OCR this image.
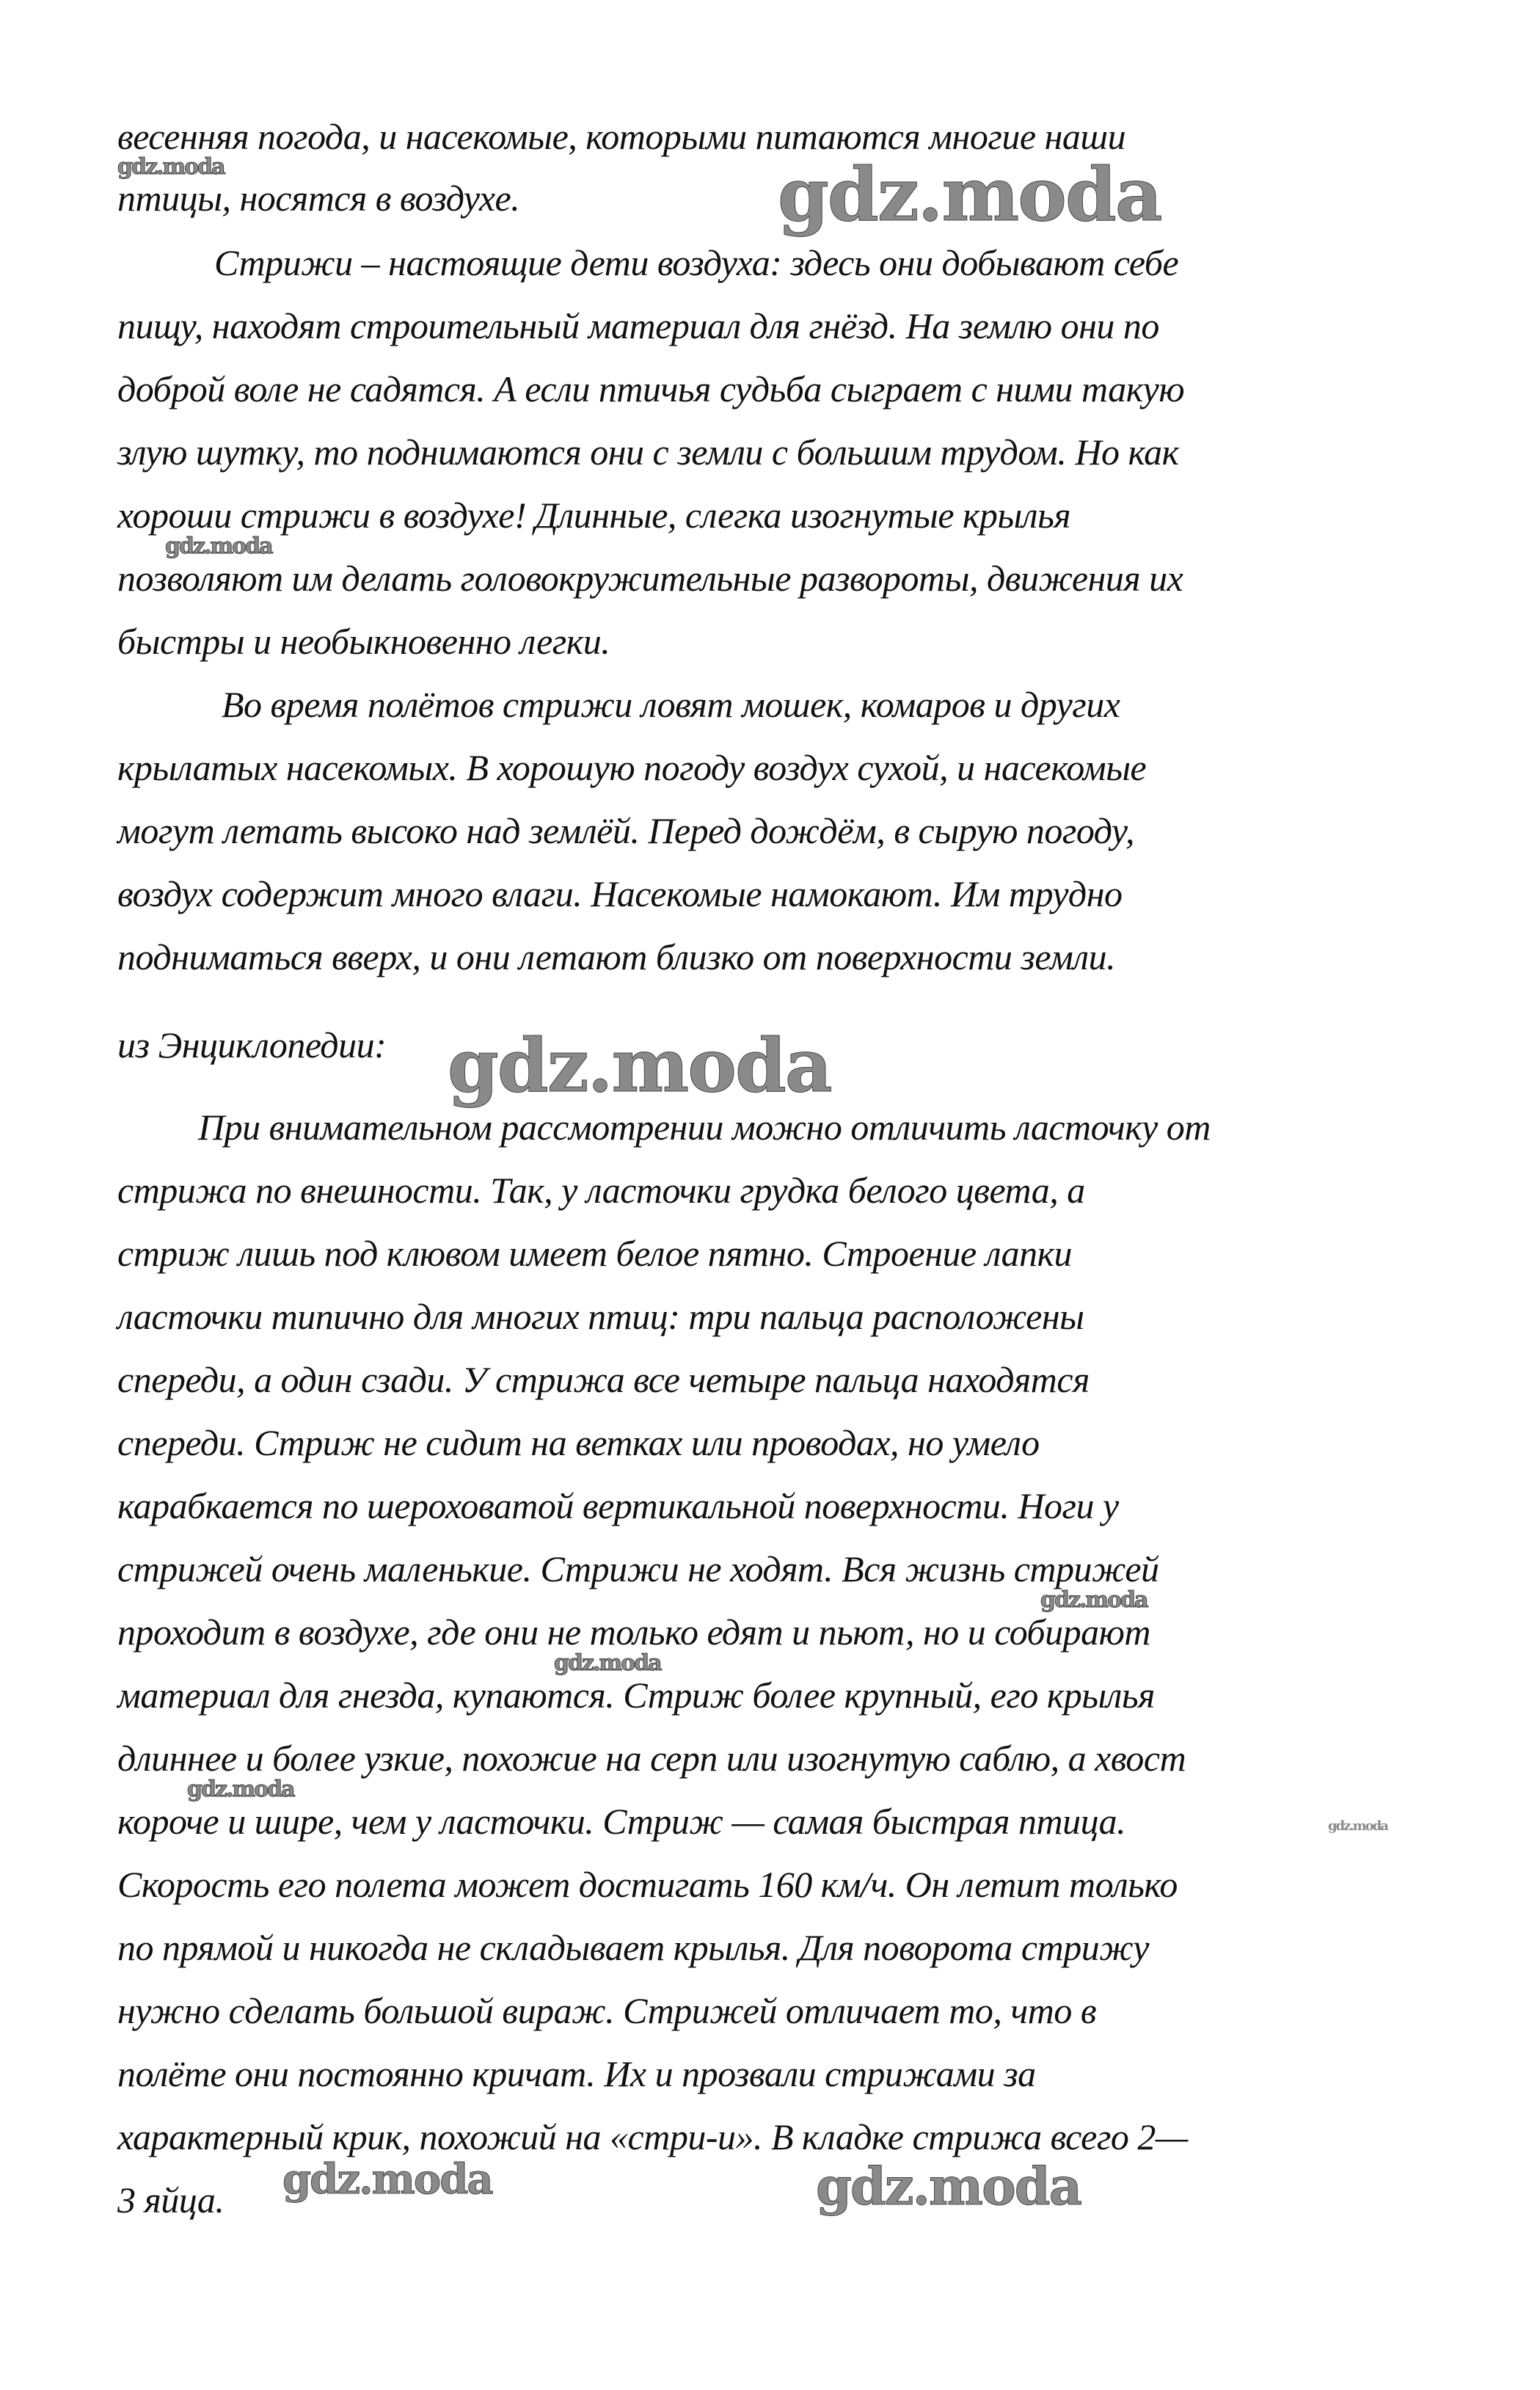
весенняя погода, и насекомые, которыми питаются многие наши
птицы, носятся в воздухе.
Стрижи – настоящие дети воздуха: здесь они добывают себе
пищу, находят строительный материал для гнёзд. На землю они по
доброй воле не садятся. А если птичья судьба сыграет с ними такую
злую шутку, то поднимаются они с земли с большим трудом. Но как
хороши стрижи в воздухе! Длинные, слегка изогнутые крылья
позволяют им делать головокружительные развороты, движения их
быстры и необыкновенно легки.
Во время полётов стрижи ловят мошек, комаров и других
крылатых насекомых. В хорошую погоду воздух сухой, и насекомые
могут летать высоко над землёй. Перед дождём, в сырую погоду,
воздух содержит много влаги. Насекомые намокают. Им трудно
подниматься вверх, и они летают близко от поверхности земли.
из Энциклопедии:
При внимательном рассмотрении можно отличить ласточку от
стрижа по внешности. Так, у ласточки грудка белого цвета, а
стриж лишь под клювом имеет белое пятно. Строение лапки
ласточки типично для многих птиц: три пальца расположены
спереди, а один сзади. У стрижа все четыре пальца находятся
спереди. Стриж не сидит на ветках или проводах, но умело
карабкается по шероховатой вертикальной поверхности. Ноги у
стрижей очень маленькие. Стрижи не ходят. Вся жизнь стрижей
проходит в воздухе, где они не только едят и пьют, но и собирают
материал для гнезда, купаются. Стриж более крупный, его крылья
длиннее и более узкие, похожие на серп или изогнутую саблю, а хвост
короче и шире, чем у ласточки. Стриж — самая быстрая птица.
Скорость его полета может достигать 160 км/ч. Он летит только
по прямой и никогда не складывает крылья. Для поворота стрижу
нужно сделать большой вираж. Стрижей отличает то, что в
полёте они постоянно кричат. Их и прозвали стрижами за
характерный крик, похожий на «стри-и». В кладке стрижа всего 2—
3 яйца.
gdz.moda
gdz.moda
gdz.moda
gdz.moda
gdz.moda
gdz.moda
gdz.moda
gdz.moda
gdz.moda	gdz.moda
